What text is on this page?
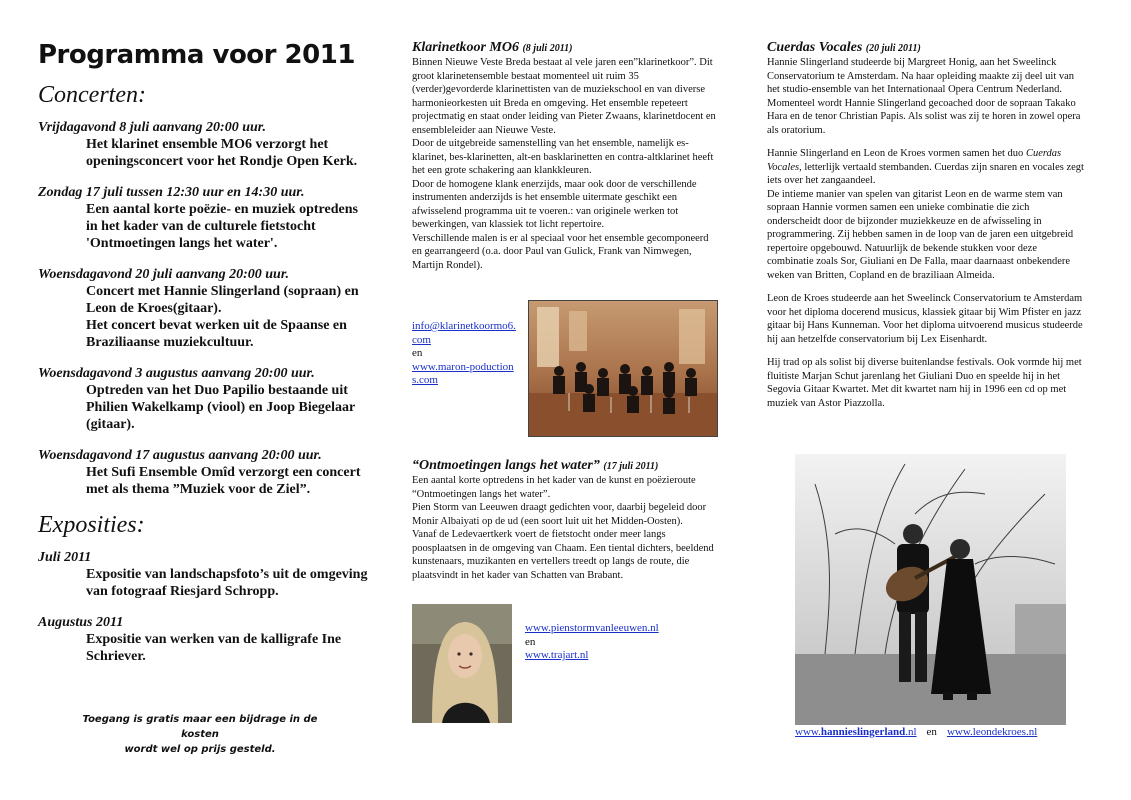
Programma voor 2011
Concerten:
Vrijdagavond 8 juli aanvang 20:00 uur.
Het klarinet ensemble MO6 verzorgt het openingsconcert voor het Rondje Open Kerk.
Zondag 17 juli tussen 12:30 uur en 14:30 uur.
Een aantal korte poëzie- en muziek optredens in het kader van de culturele fietstocht 'Ontmoetingen langs het water'.
Woensdagavond 20 juli aanvang 20:00 uur.
Concert met Hannie Slingerland (sopraan) en Leon de Kroes(gitaar).
Het concert bevat werken uit de Spaanse en Braziliaanse muziekcultuur.
Woensdagavond 3 augustus aanvang 20:00 uur.
Optreden van het Duo Papilio bestaande uit Philien Wakelkamp (viool) en Joop Biegelaar (gitaar).
Woensdagavond 17 augustus aanvang 20:00 uur.
Het Sufi Ensemble Omîd verzorgt een concert met als thema ”Muziek voor de Ziel”.
Exposities:
Juli 2011
Expositie van landschapsfoto’s uit de omgeving van fotograaf Riesjard Schropp.
Augustus 2011
Expositie van werken van de kalligrafe Ine Schriever.
Toegang is gratis maar een bijdrage in de kosten
wordt wel op prijs gesteld.
Klarinetkoor MO6 (8 juli 2011)

Binnen Nieuwe Veste Breda bestaat al vele jaren een”klarinetkoor”. Dit groot klarinetensemble bestaat momenteel uit ruim 35 (verder)gevorderde klarinettisten van de muziekschool en van diverse harmonieorkesten uit Breda en omgeving. Het ensemble repeteert projectmatig en staat onder leiding van Pieter Zwaans, klarinetdocent en ensembleleider aan Nieuwe Veste.

Door de uitgebreide samenstelling van het ensemble, namelijk es-klarinet, bes-klarinetten, alt-en basklarinetten en contra-altklarinet heeft het een grote schakering aan klankkleuren.

Door de homogene klank enerzijds, maar ook door de verschillende instrumenten anderzijds is het ensemble uitermate geschikt een afwisselend programma uit te voeren.: van originele werken tot bewerkingen, van klassiek tot licht repertoire.

Verschillende malen is er al speciaal voor het ensemble gecomponeerd en gearrangeerd (o.a. door Paul van Gulick, Frank van Nimwegen, Martijn Rondel).

info@klarinetkoormo6.com
en
www.maron-poductions.com
“Ontmoetingen langs het water” (17 juli 2011)

Een aantal korte optredens in het kader van de kunst en poëzieroute “Ontmoetingen langs het water”.

Pien Storm van Leeuwen draagt gedichten voor, daarbij begeleid door Monir Albaiyati op de ud (een soort luit uit het Midden-Oosten).

Vanaf de Ledevaertkerk voert de fietstocht onder meer langs poosplaatsen in de omgeving van Chaam. Een tiental dichters, beeldend kunstenaars, muzikanten en vertellers treedt op langs de route, die plaatsvindt in het kader van Schatten van Brabant.

www.pienstormvanleeuwen.nl
en
www.trajart.nl
Cuerdas Vocales (20 juli 2011)

Hannie Slingerland studeerde bij Margreet Honig, aan het Sweelinck Conservatorium te Amsterdam. Na haar opleiding maakte zij deel uit van het studio-ensemble van het Internationaal Opera Centrum Nederland. Momenteel wordt Hannie Slingerland gecoached door de sopraan Takako Hara en de tenor Christian Papis. Als solist was zij te horen in zowel opera als oratorium.

Hannie Slingerland en Leon de Kroes vormen samen het duo Cuerdas Vocales, letterlijk vertaald stembanden. Cuerdas zijn snaren en vocales zegt iets over het zangaandeel.

De intieme manier van spelen van gitarist Leon en de warme stem van sopraan Hannie vormen samen een unieke combinatie die zich onderscheidt door de bijzonder muziekkeuze en de afwisseling in programmering. Zij hebben samen in de loop van de jaren een uitgebreid repertoire opgebouwd. Natuurlijk de bekende stukken voor deze combinatie zoals Sor, Giuliani en De Falla, maar daarnaast onbekendere weken van Britten, Copland en de braziliaan Almeida.

Leon de Kroes studeerde aan het Sweelinck Conservatorium te Amsterdam voor het diploma docerend musicus, klassiek gitaar bij Wim Pfister en jazz gitaar bij Hans Kunneman. Voor het diploma uitvoerend musicus studeerde hij aan hetzelfde conservatorium bij Lex Eisenhardt.

Hij trad op als solist bij diverse buitenlandse festivals. Ook vormde hij met fluitiste Marjan Schut jarenlang het Giuliani Duo en speelde hij in het Segovia Gitaar Kwartet. Met dit kwartet nam hij in 1996 een cd op met muziek van Astor Piazzolla.

www.hannieslingerland.nl en www.leondekroes.nl
